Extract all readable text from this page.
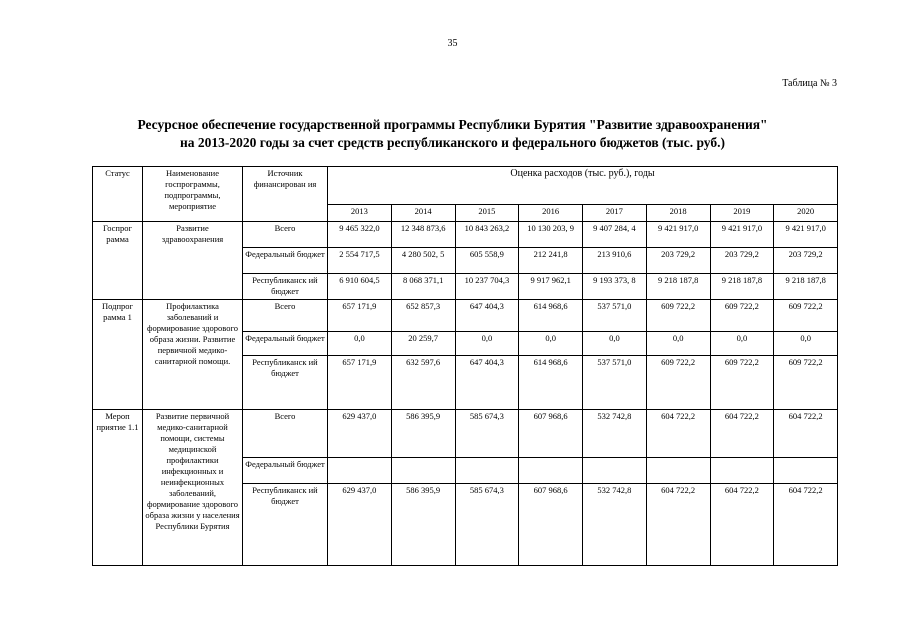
35
Таблица № 3
Ресурсное обеспечение государственной программы Республики Бурятия "Развитие здравоохранения"
на 2013-2020 годы за счет средств республиканского и федерального бюджетов (тыс. руб.)
Статус	Наименование госпрограммы, подпрограммы, мероприятие	Источник финансирован ия	Оценка расходов (тыс. руб.), годы							
			2013	2014	2015	2016	2017	2018	2019	2020
Госпрог рамма	Развитие здравоохранения	Всего	9 465 322,0	12 348 873,6	10 843 263,2	10 130 203, 9	9 407 284, 4	9 421 917,0	9 421 917,0	9 421 917,0
		Федеральный бюджет	2 554 717,5	4 280 502, 5	605 558,9	212 241,8	213 910,6	203 729,2	203 729,2	203 729,2
		Республиканск ий бюджет	6 910 604,5	8 068 371,1	10 237 704,3	9 917 962,1	9 193 373, 8	9 218 187,8	9 218 187,8	9 218 187,8
Подпрог рамма 1	Профилактика заболеваний и формирование здорового образа жизни. Развитие первичной медико-санитарной помощи.	Всего	657 171,9	652 857,3	647 404,3	614 968,6	537 571,0	609 722,2	609 722,2	609 722,2
		Федеральный бюджет	0,0	20 259,7	0,0	0,0	0,0	0,0	0,0	0,0
		Республиканск ий бюджет	657 171,9	632 597,6	647 404,3	614 968,6	537 571,0	609 722,2	609 722,2	609 722,2
Мероп приятие 1.1	Развитие первичной медико-санитарной помощи, системы медицинской профилактики инфекционных и неинфекционных заболеваний, формирование здорового образа жизни у населения Республики Бурятия	Всего	629 437,0	586 395,9	585 674,3	607 968,6	532 742,8	604 722,2	604 722,2	604 722,2
		Федеральный бюджет								
		Республиканск ий бюджет	629 437,0	586 395,9	585 674,3	607 968,6	532 742,8	604 722,2	604 722,2	604 722,2
